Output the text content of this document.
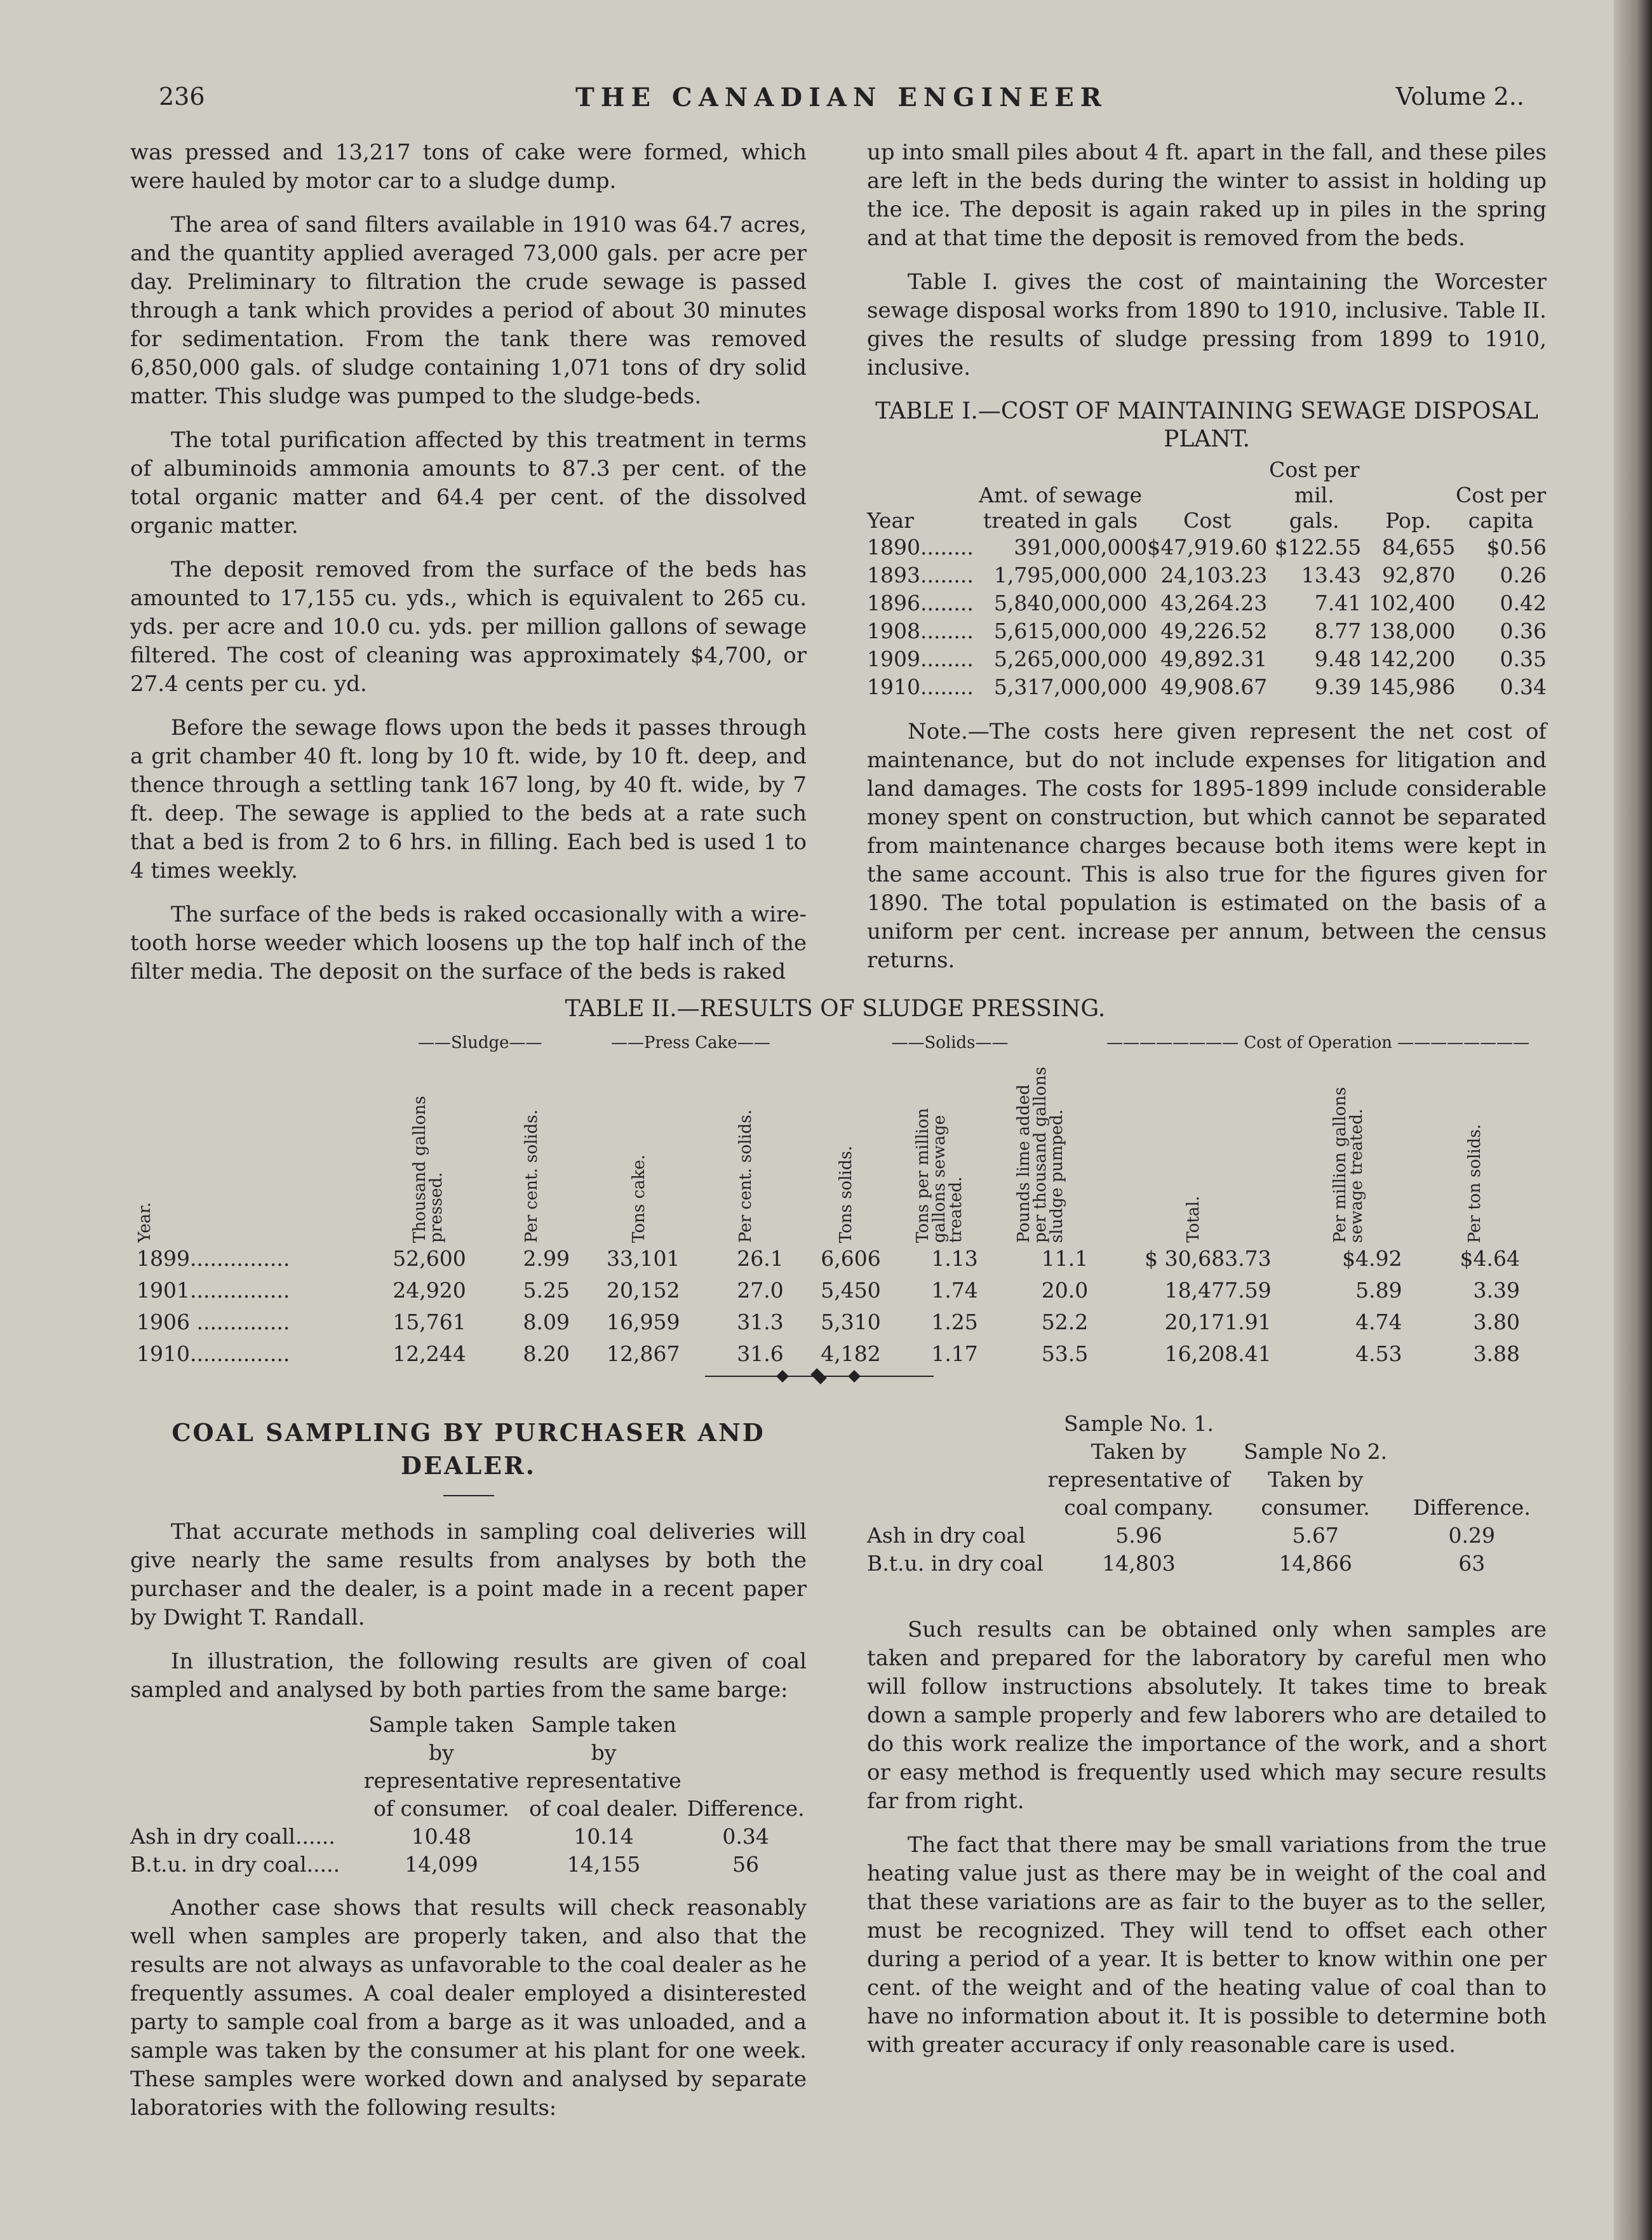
236	THE CANADIAN ENGINEER	Volume 2..

was pressed and 13,217 tons of cake were formed, which were hauled by motor car to a sludge dump.

The area of sand filters available in 1910 was 64.7 acres, and the quantity applied averaged 73,000 gals. per acre per day. Preliminary to filtration the crude sewage is passed through a tank which provides a period of about 30 minutes for sedimentation. From the tank there was removed 6,850,000 gals. of sludge containing 1,071 tons of dry solid matter. This sludge was pumped to the sludge-beds.

The total purification affected by this treatment in terms of albuminoids ammonia amounts to 87.3 per cent. of the total organic matter and 64.4 per cent. of the dissolved organic matter.

The deposit removed from the surface of the beds has amounted to 17,155 cu. yds., which is equivalent to 265 cu. yds. per acre and 10.0 cu. yds. per million gallons of sewage filtered. The cost of cleaning was approximately $4,700, or 27.4 cents per cu. yd.

Before the sewage flows upon the beds it passes through a grit chamber 40 ft. long by 10 ft. wide, by 10 ft. deep, and thence through a settling tank 167 long, by 40 ft. wide, by 7 ft. deep. The sewage is applied to the beds at a rate such that a bed is from 2 to 6 hrs. in filling. Each bed is used 1 to 4 times weekly.

The surface of the beds is raked occasionally with a wire-tooth horse weeder which loosens up the top half inch of the filter media. The deposit on the surface of the beds is raked

up into small piles about 4 ft. apart in the fall, and these piles are left in the beds during the winter to assist in holding up the ice. The deposit is again raked up in piles in the spring and at that time the deposit is removed from the beds.

Table I. gives the cost of maintaining the Worcester sewage disposal works from 1890 to 1910, inclusive. Table II. gives the results of sludge pressing from 1899 to 1910, inclusive.

TABLE I.—COST OF MAINTAINING SEWAGE DISPOSAL PLANT.
Year	Amt. of sewage treated in gals	Cost	Cost per mil. gals.	Pop.	Cost per capita
1890........	391,000,000	$47,919.60	$122.55	84,655	$0.56
1893........	1,795,000,000	24,103.23	13.43	92,870	0.26
1896........	5,840,000,000	43,264.23	7.41	102,400	0.42
1908........	5,615,000,000	49,226.52	8.77	138,000	0.36
1909........	5,265,000,000	49,892.31	9.48	142,200	0.35
1910........	5,317,000,000	49,908.67	9.39	145,986	0.34

Note.—The costs here given represent the net cost of maintenance, but do not include expenses for litigation and land damages. The costs for 1895-1899 include considerable money spent on construction, but which cannot be separated from maintenance charges because both items were kept in the same account. This is also true for the figures given for 1890. The total population is estimated on the basis of a uniform per cent. increase per annum, between the census returns.

TABLE II.—RESULTS OF SLUDGE PRESSING.
	——Sludge——		——Press Cake——		——Solids——			———————— Cost of Operation ————————		

Year.	Thousand gallons pressed.	Per cent. solids.	Tons cake.	Per cent. solids.	Tons solids.	Tons per million gallons sewage treated.	Pounds lime added per thousand gallons sludge pumped.	Total.	Per million gallons sewage treated.	Per ton solids.

1899...............	52,600	2.99	33,101	26.1	6,606	1.13	11.1	$ 30,683.73	$4.92	$4.64
1901...............	24,920	5.25	20,152	27.0	5,450	1.74	20.0	18,477.59	5.89	3.39
1906 ..............	15,761	8.09	16,959	31.3	5,310	1.25	52.2	20,171.91	4.74	3.80
1910...............	12,244	8.20	12,867	31.6	4,182	1.17	53.5	16,208.41	4.53	3.88
COAL SAMPLING BY PURCHASER AND DEALER.

That accurate methods in sampling coal deliveries will give nearly the same results from analyses by both the purchaser and the dealer, is a point made in a recent paper by Dwight T. Randall.

In illustration, the following results are given of coal sampled and analysed by both parties from the same barge:

	Sample taken by representative of consumer.	Sample taken by representative of coal dealer.	Difference.
Ash in dry coall......	10.48	10.14	0.34
B.t.u. in dry coal.....	14,099	14,155	56

Another case shows that results will check reasonably well when samples are properly taken, and also that the results are not always as unfavorable to the coal dealer as he frequently assumes. A coal dealer employed a disinterested party to sample coal from a barge as it was unloaded, and a sample was taken by the consumer at his plant for one week. These samples were worked down and analysed by separate laboratories with the following results:

	Sample No. 1. Taken by representative of coal company.	Sample No 2. Taken by consumer.	Difference.
Ash in dry coal	5.96	5.67	0.29
B.t.u. in dry coal	14,803	14,866	63

Such results can be obtained only when samples are taken and prepared for the laboratory by careful men who will follow instructions absolutely. It takes time to break down a sample properly and few laborers who are detailed to do this work realize the importance of the work, and a short or easy method is frequently used which may secure results far from right.

The fact that there may be small variations from the true heating value just as there may be in weight of the coal and that these variations are as fair to the buyer as to the seller, must be recognized. They will tend to offset each other during a period of a year. It is better to know within one per cent. of the weight and of the heating value of coal than to have no information about it. It is possible to determine both with greater accuracy if only reasonable care is used.
